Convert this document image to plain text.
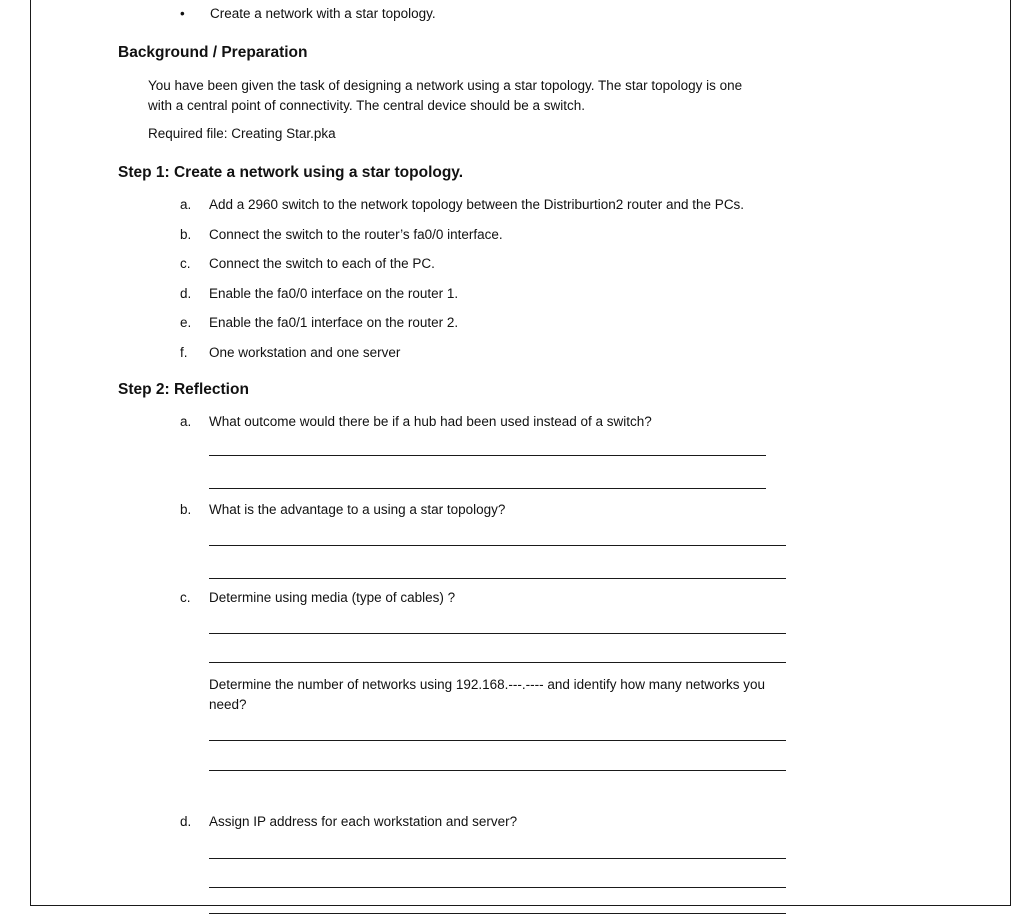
•	Create a network with a star topology.
Background / Preparation
You have been given the task of designing a network using a star topology. The star topology is one
with a central point of connectivity. The central device should be a switch.
Required file: Creating Star.pka
Step 1: Create a network using a star topology.
a.	Add a 2960 switch to the network topology between the Distriburtion2 router and the PCs.
b.	Connect the switch to the router’s fa0/0 interface.
c.	Connect the switch to each of the PC.
d.	Enable the fa0/0 interface on the router 1.
e.	Enable the fa0/1 interface on the router 2.
f.	One workstation and one server
Step 2: Reflection
a.	What outcome would there be if a hub had been used instead of a switch?
b.	What is the advantage to a using a star topology?
c.	Determine using media (type of cables) ?
Determine the number of networks using 192.168.---.---- and identify how many networks you
need?
d.	Assign IP address for each workstation and server?
